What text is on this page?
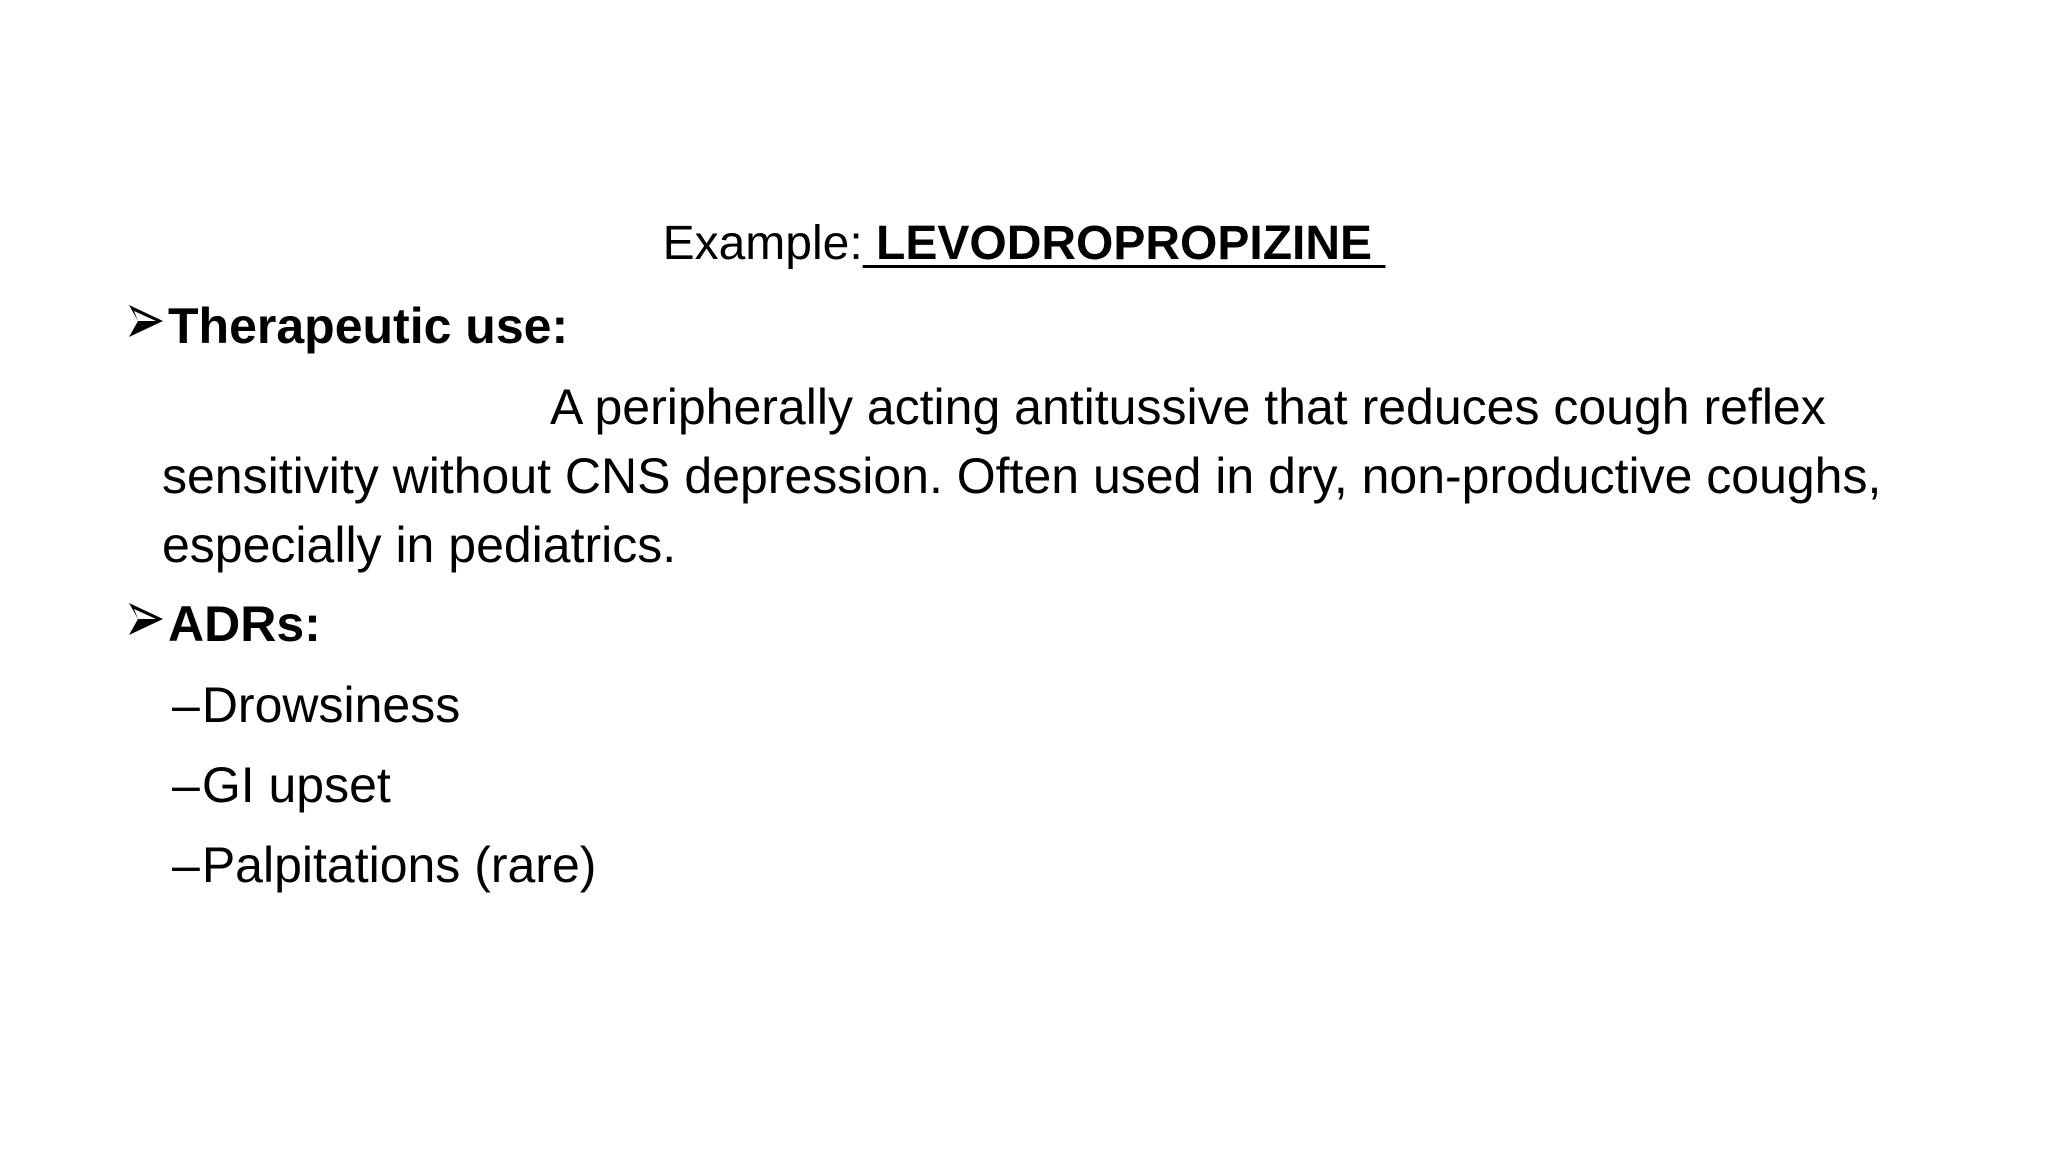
Example: LEVODROPROPIZINE
Therapeutic use:
A peripherally acting antitussive that reduces cough reflex sensitivity without CNS depression. Often used in dry, non-productive coughs, especially in pediatrics.
ADRs:
–Drowsiness
–GI upset
–Palpitations (rare)
